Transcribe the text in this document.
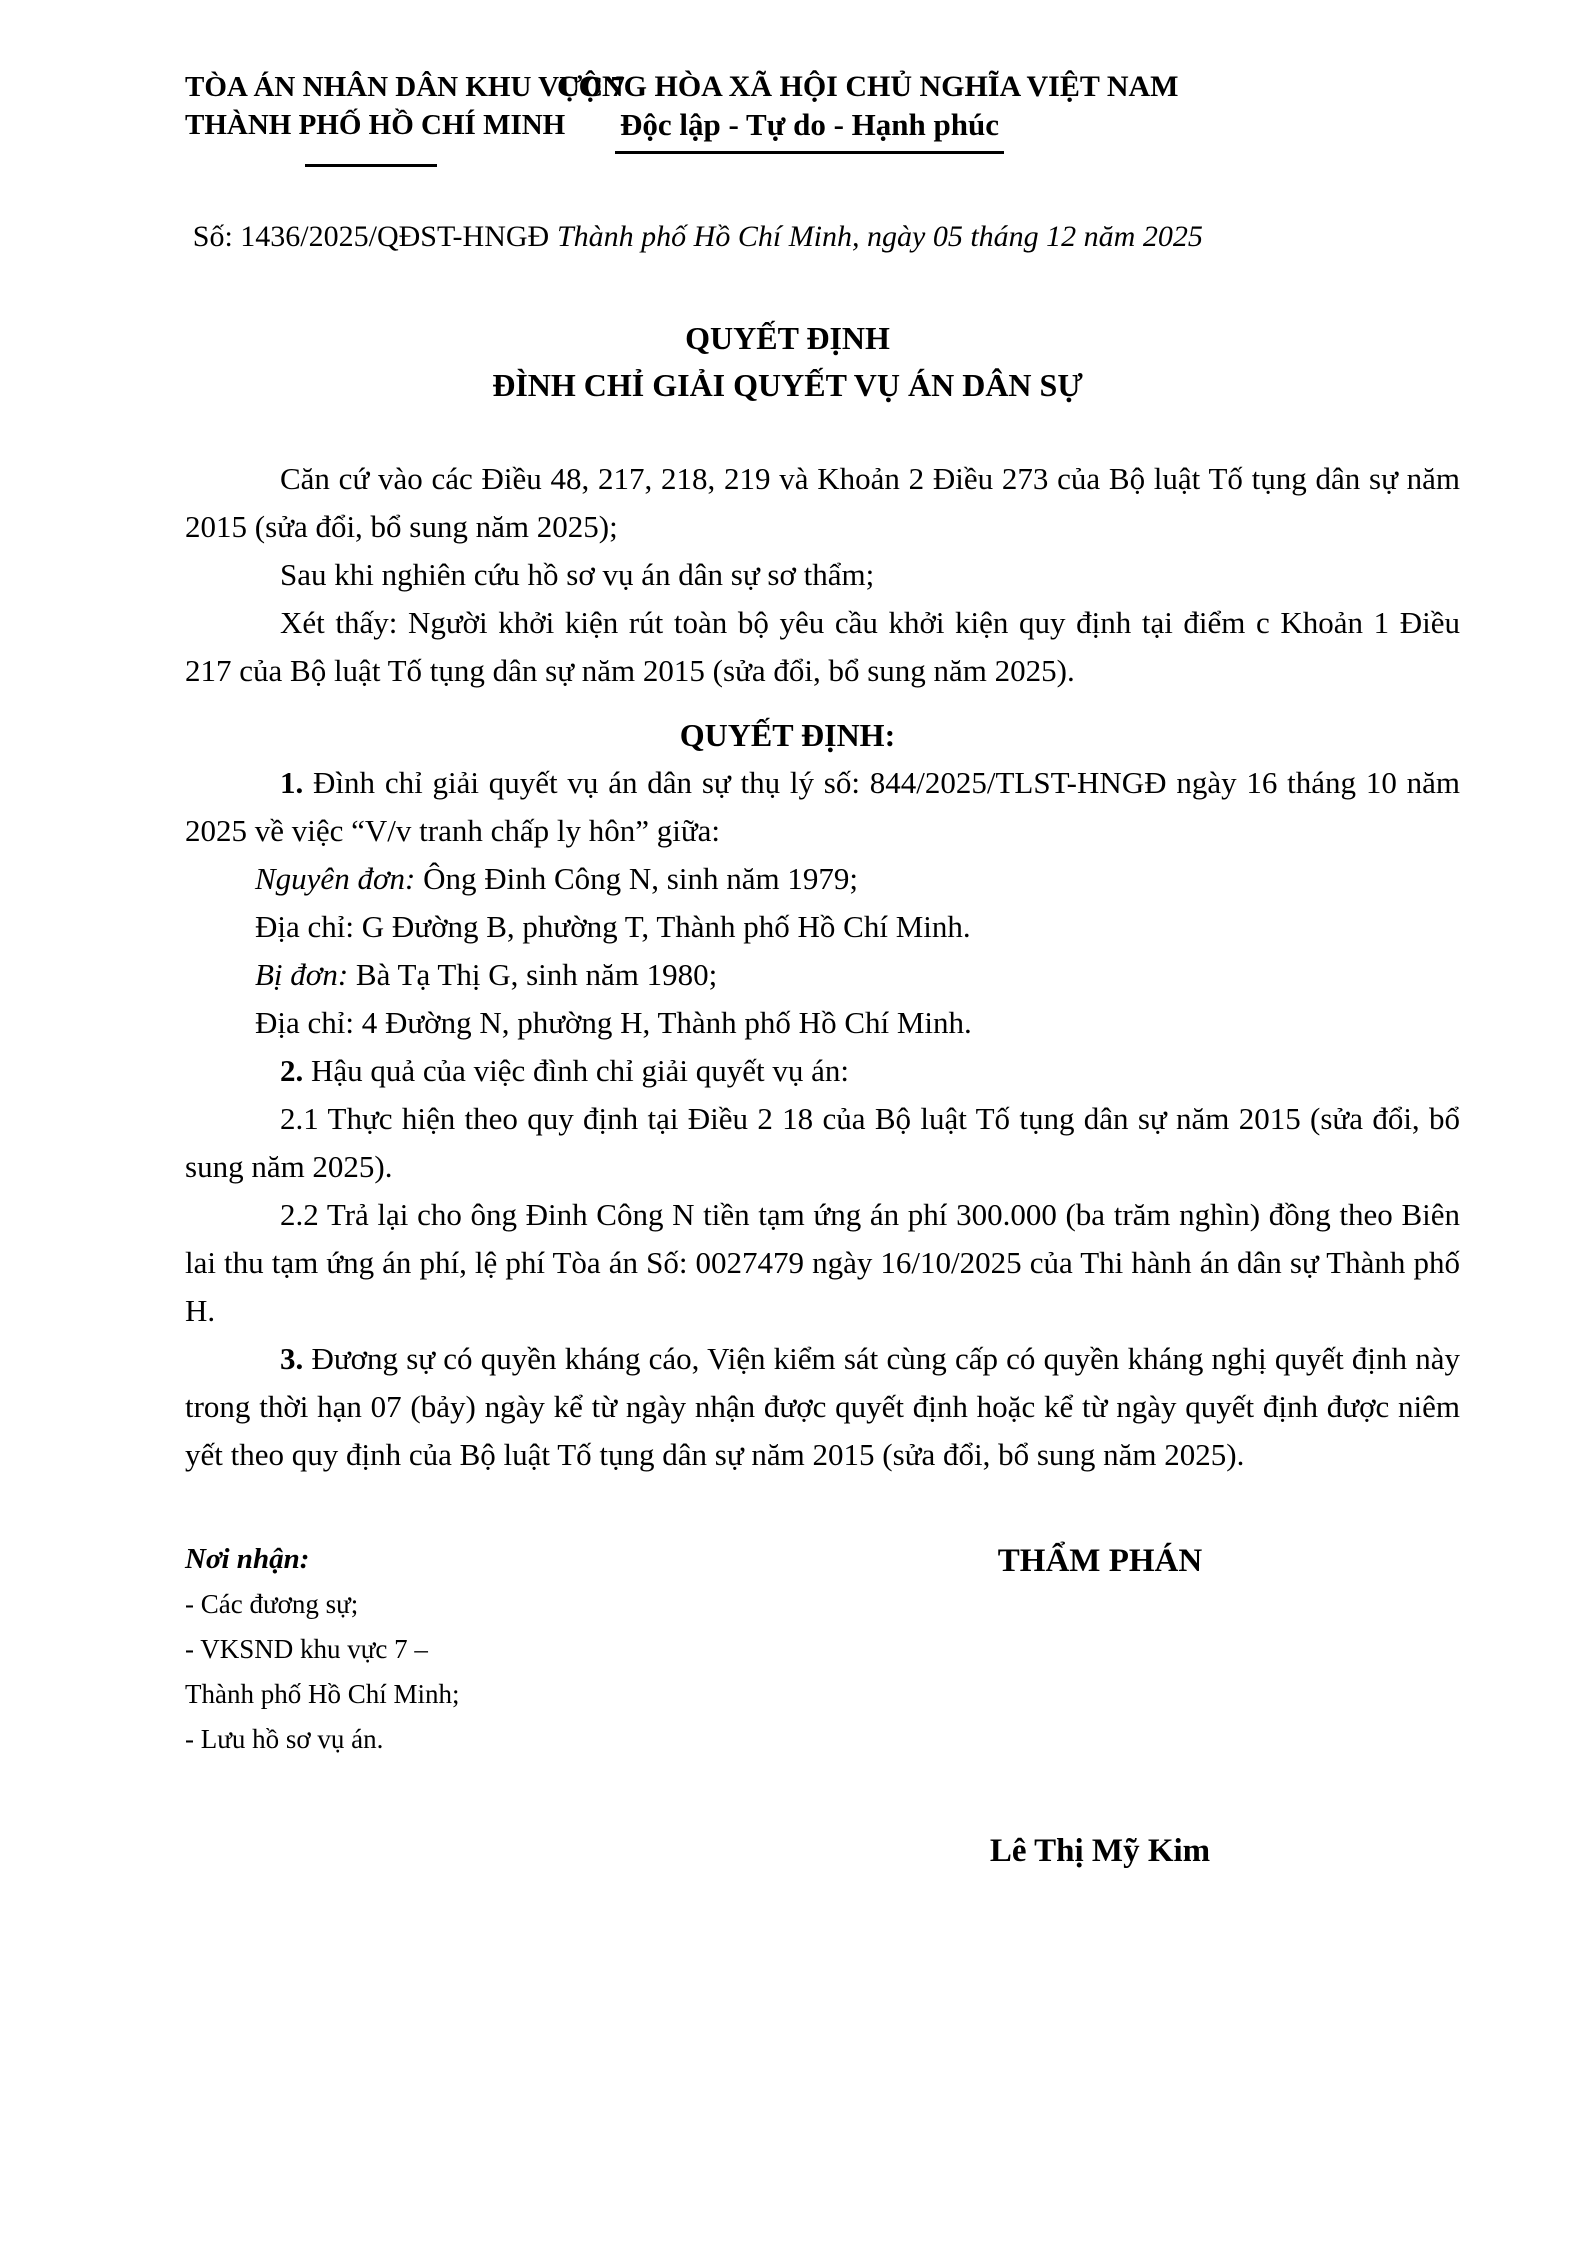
TÒA ÁN NHÂN DÂN KHU VỰC 7
THÀNH PHỐ HỒ CHÍ MINH
CỘNG HÒA XÃ HỘI CHỦ NGHĨA VIỆT NAM
Độc lập - Tự do - Hạnh phúc
Số: 1436/2025/QĐST-HNGĐ Thành phố Hồ Chí Minh, ngày 05 tháng 12 năm 2025
QUYẾT ĐỊNH
ĐÌNH CHỈ GIẢI QUYẾT VỤ ÁN DÂN SỰ

Căn cứ vào các Điều 48, 217, 218, 219 và Khoản 2 Điều 273 của Bộ luật Tố tụng dân sự năm 2015 (sửa đổi, bổ sung năm 2025);

Sau khi nghiên cứu hồ sơ vụ án dân sự sơ thẩm;

Xét thấy: Người khởi kiện rút toàn bộ yêu cầu khởi kiện quy định tại điểm c Khoản 1 Điều 217 của Bộ luật Tố tụng dân sự năm 2015 (sửa đổi, bổ sung năm 2025).

QUYẾT ĐỊNH:

1. Đình chỉ giải quyết vụ án dân sự thụ lý số: 844/2025/TLST-HNGĐ ngày 16 tháng 10 năm 2025 về việc “V/v tranh chấp ly hôn” giữa:

Nguyên đơn: Ông Đinh Công N, sinh năm 1979;

Địa chỉ: G Đường B, phường T, Thành phố Hồ Chí Minh.

Bị đơn: Bà Tạ Thị G, sinh năm 1980;

Địa chỉ: 4 Đường N, phường H, Thành phố Hồ Chí Minh.

2. Hậu quả của việc đình chỉ giải quyết vụ án:

2.1 Thực hiện theo quy định tại Điều 2 18 của Bộ luật Tố tụng dân sự năm 2015 (sửa đổi, bổ sung năm 2025).

2.2 Trả lại cho ông Đinh Công N tiền tạm ứng án phí 300.000 (ba trăm nghìn) đồng theo Biên lai thu tạm ứng án phí, lệ phí Tòa án Số: 0027479 ngày 16/10/2025 của Thi hành án dân sự Thành phố H.

3. Đương sự có quyền kháng cáo, Viện kiểm sát cùng cấp có quyền kháng nghị quyết định này trong thời hạn 07 (bảy) ngày kể từ ngày nhận được quyết định hoặc kể từ ngày quyết định được niêm yết theo quy định của Bộ luật Tố tụng dân sự năm 2015 (sửa đổi, bổ sung năm 2025).

Nơi nhận:
- Các đương sự;
- VKSND khu vực 7 –
Thành phố Hồ Chí Minh;
- Lưu hồ sơ vụ án.
THẨM PHÁN
Lê Thị Mỹ Kim
